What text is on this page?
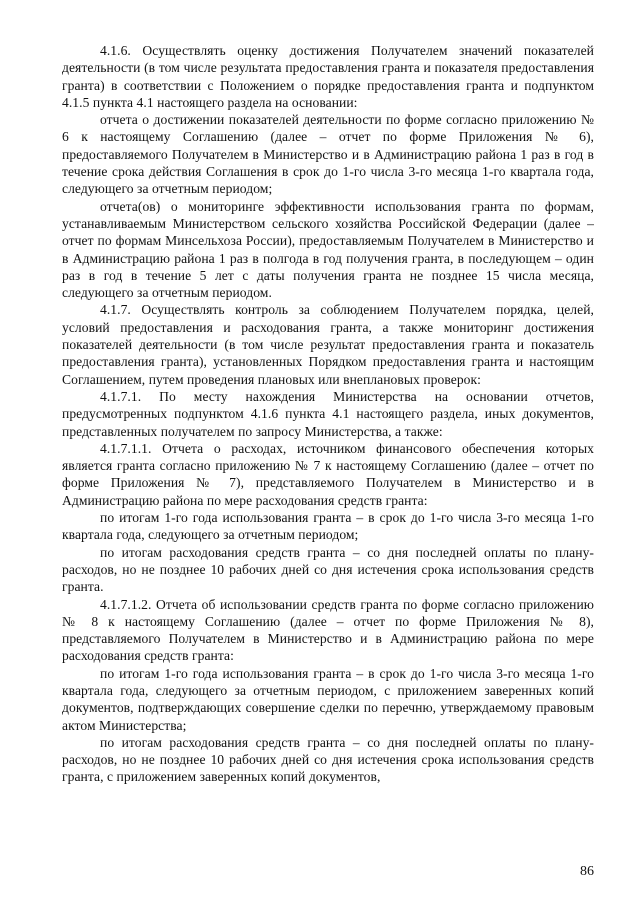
4.1.6. Осуществлять оценку достижения Получателем значений показателей деятельности (в том числе результата предоставления гранта и показателя предоставления гранта) в соответствии с Положением о порядке предоставления гранта и подпунктом 4.1.5 пункта 4.1 настоящего раздела на основании:

отчета о достижении показателей деятельности по форме согласно приложению № 6 к настоящему Соглашению (далее – отчет по форме Приложения № 6), предоставляемого Получателем в Министерство и в Администрацию района 1 раз в год в течение срока действия Соглашения в срок до 1-го числа 3-го месяца 1-го квартала года, следующего за отчетным периодом;

отчета(ов) о мониторинге эффективности использования гранта по формам, устанавливаемым Министерством сельского хозяйства Российской Федерации (далее – отчет по формам Минсельхоза России), предоставляемым Получателем в Министерство и в Администрацию района 1 раз в полгода в год получения гранта, в последующем – один раз в год в течение 5 лет с даты получения гранта не позднее 15 числа месяца, следующего за отчетным периодом.

4.1.7. Осуществлять контроль за соблюдением Получателем порядка, целей, условий предоставления и расходования гранта, а также мониторинг достижения показателей деятельности (в том числе результат предоставления гранта и показатель предоставления гранта), установленных Порядком предоставления гранта и настоящим Соглашением, путем проведения плановых или внеплановых проверок:

4.1.7.1. По месту нахождения Министерства на основании отчетов, предусмотренных подпунктом 4.1.6 пункта 4.1 настоящего раздела, иных документов, представленных получателем по запросу Министерства, а также:

4.1.7.1.1. Отчета о расходах, источником финансового обеспечения которых является гранта согласно приложению № 7 к настоящему Соглашению (далее – отчет по форме Приложения № 7), представляемого Получателем в Министерство и в Администрацию района по мере расходования средств гранта:

по итогам 1-го года использования гранта – в срок до 1-го числа 3-го месяца 1-го квартала года, следующего за отчетным периодом;

по итогам расходования средств гранта – со дня последней оплаты по плану-расходов, но не позднее 10 рабочих дней со дня истечения срока использования средств гранта.

4.1.7.1.2. Отчета об использовании средств гранта по форме согласно приложению № 8 к настоящему Соглашению (далее – отчет по форме Приложения № 8), представляемого Получателем в Министерство и в Администрацию района по мере расходования средств гранта:

по итогам 1-го года использования гранта – в срок до 1-го числа 3-го месяца 1-го квартала года, следующего за отчетным периодом, с приложением заверенных копий документов, подтверждающих совершение сделки по перечню, утверждаемому правовым актом Министерства;

по итогам расходования средств гранта – со дня последней оплаты по плану-расходов, но не позднее 10 рабочих дней со дня истечения срока использования средств гранта, с приложением заверенных копий документов,

86
